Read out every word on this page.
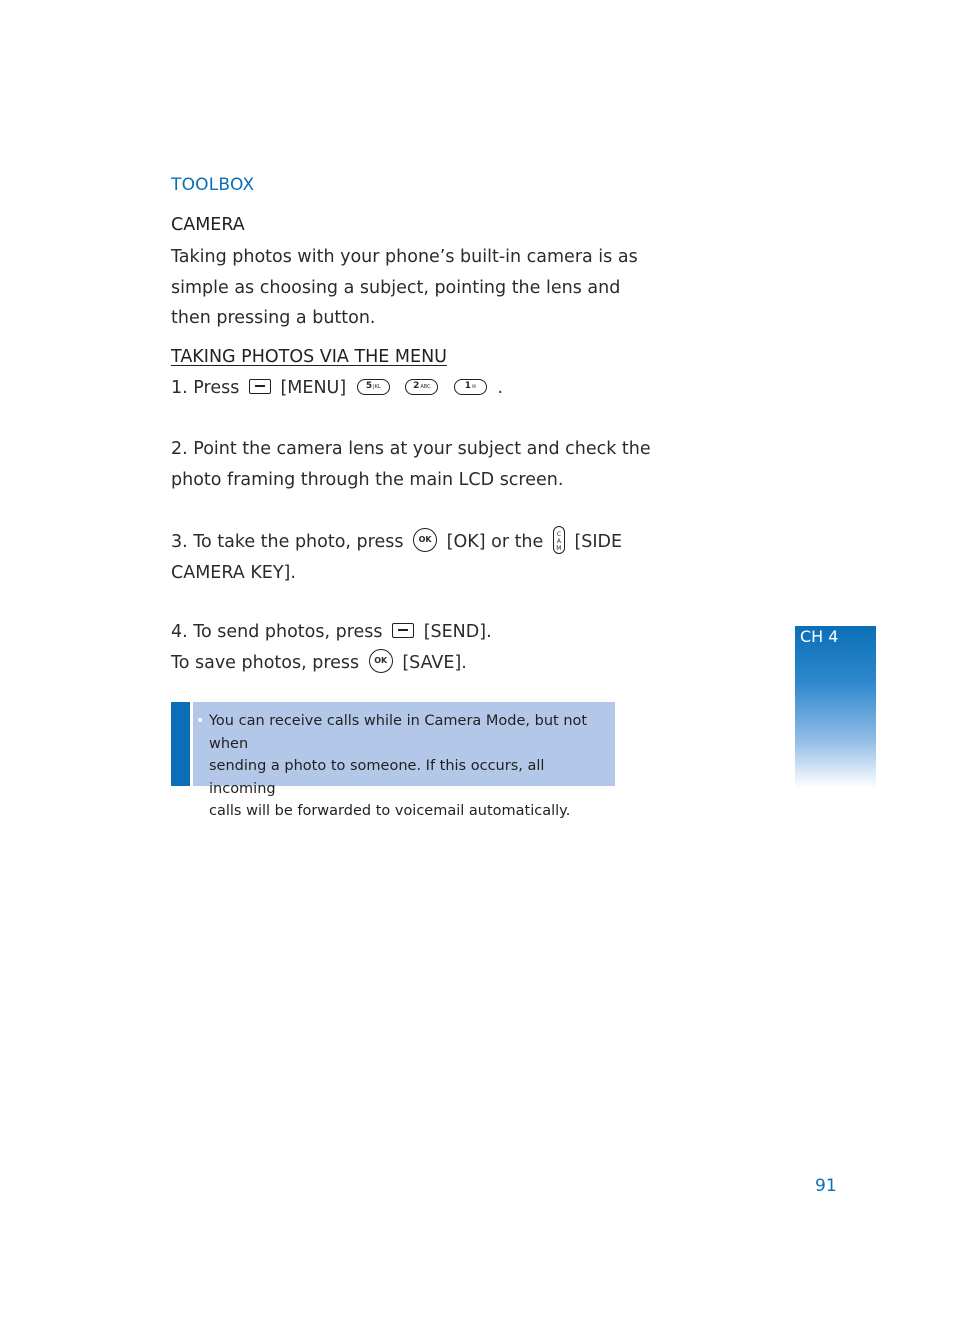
TOOLBOX
CAMERA
Taking photos with your phone’s built-in camera is as
simple as choosing a subject, pointing the lens and
then pressing a button.
TAKING PHOTOS VIA THE MENU
1. Press [MENU] 5JKL	2ABC	1✉ .
2. Point the camera lens at your subject and check the
photo framing through the main LCD screen.
3. To take the photo, press OK [OK] or the C
A
M [SIDE
CAMERA KEY].
4. To send photos, press [SEND].
To save photos, press OK [SAVE].
• You can receive calls while in Camera Mode, but not when
sending a photo to someone. If this occurs, all incoming
calls will be forwarded to voicemail automatically.
CH 4
91
